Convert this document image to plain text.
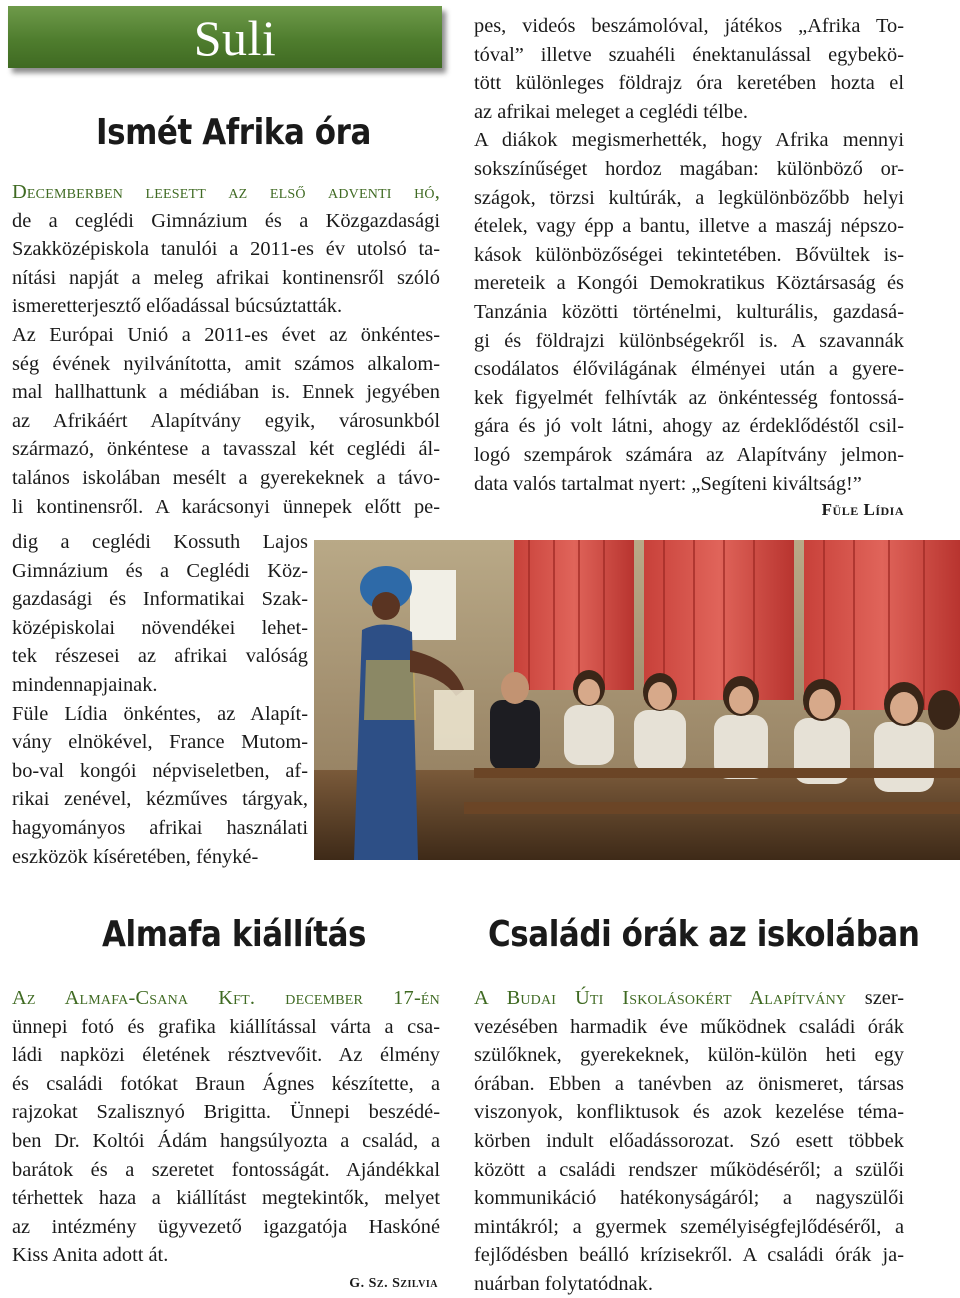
Suli
Ismét Afrika óra
Decemberben leesett az első adventi hó,
de a ceglédi Gimnázium és a Közgazdasági
Szakközépiskola tanulói a 2011-es év utolsó ta-
nítási napját a meleg afrikai kontinensről szóló
ismeretterjesztő előadással búcsúztatták.
Az Európai Unió a 2011-es évet az önkéntes-
ség évének nyilvánította, amit számos alkalom-
mal hallhattunk a médiában is. Ennek jegyében
az Afrikáért Alapítvány egyik, városunkból
származó, önkéntese a tavasszal két ceglédi ál-
talános iskolában mesélt a gyerekeknek a távo-
li kontinensről. A karácsonyi ünnepek előtt pe-
dig a ceglédi Kossuth Lajos
Gimnázium és a Ceglédi Köz-
gazdasági és Informatikai Szak-
középiskolai növendékei lehet-
tek részesei az afrikai valóság
mindennapjainak.
Füle Lídia önkéntes, az Alapít-
vány elnökével, France Mutom-
bo-val kongói népviseletben, af-
rikai zenével, kézműves tárgyak,
hagyományos afrikai használati
eszközök kíséretében, fényké-
pes, videós beszámolóval, játékos „Afrika To-
tóval” illetve szuahéli énektanulással egybekö-
tött különleges földrajz óra keretében hozta el
az afrikai meleget a ceglédi télbe.
A diákok megismerhették, hogy Afrika mennyi
sokszínűséget hordoz magában: különböző or-
szágok, törzsi kultúrák, a legkülönbözőbb helyi
ételek, vagy épp a bantu, illetve a maszáj népszo-
kások különbözőségei tekintetében. Bővültek is-
mereteik a Kongói Demokratikus Köztársaság és
Tanzánia közötti történelmi, kulturális, gazdasá-
gi és földrajzi különbségekről is. A szavannák
csodálatos élővilágának élményei után a gyere-
kek figyelmét felhívták az önkéntesség fontossá-
gára és jó volt látni, ahogy az érdeklődéstől csil-
logó szempárok számára az Alapítvány jelmon-
data valós tartalmat nyert: „Segíteni kiváltság!”
Füle Lídia
Almafa kiállítás
Az Almafa-Csana Kft. december 17-én
ünnepi fotó és grafika kiállítással várta a csa-
ládi napközi életének résztvevőit. Az élmény
és családi fotókat Braun Ágnes készítette, a
rajzokat Szalisznyó Brigitta. Ünnepi beszédé-
ben Dr. Koltói Ádám hangsúlyozta a család, a
barátok és a szeretet fontosságát. Ajándékkal
térhettek haza a kiállítást megtekintők, melyet
az intézmény ügyvezető igazgatója Haskóné
Kiss Anita adott át.
G. Sz. Szilvia
Családi órák az iskolában
A Budai Úti Iskolásokért Alapítvány szer-
vezésében harmadik éve működnek családi órák
szülőknek, gyerekeknek, külön-külön heti egy
órában. Ebben a tanévben az önismeret, társas
viszonyok, konfliktusok és azok kezelése téma-
körben indult előadássorozat. Szó esett többek
között a családi rendszer működéséről; a szülői
kommunikáció hatékonyságáról; a nagyszülői
mintákról; a gyermek személyiségfejlődéséről, a
fejlődésben beálló krízisekről. A családi órák ja-
nuárban folytatódnak.
